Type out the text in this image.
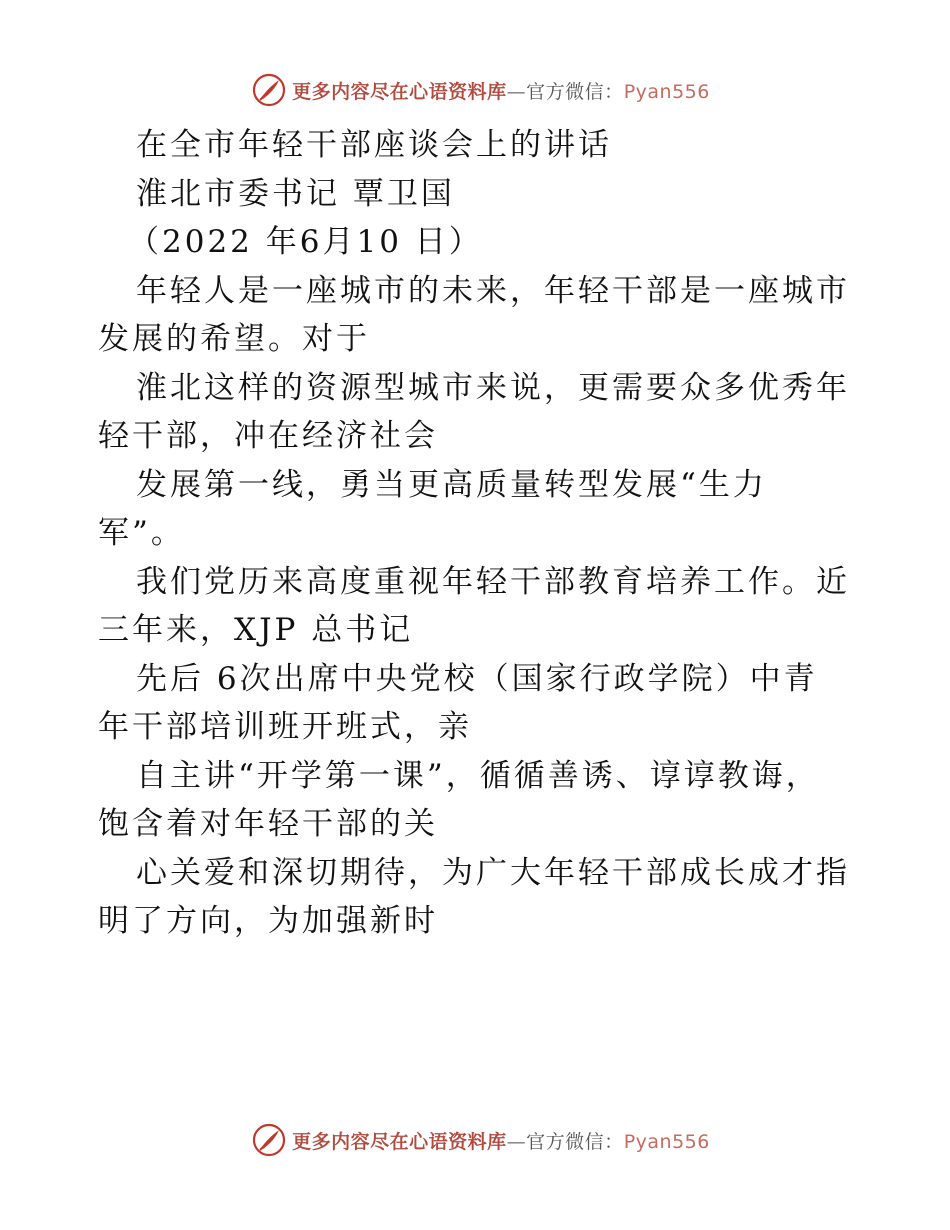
更多内容尽在心语资料库—官方微信：Pyan556
在全市年轻干部座谈会上的讲话
淮北市委书记 覃卫国
（2022 年6月10 日）
年轻人是一座城市的未来，年轻干部是一座城市
发展的希望。对于
淮北这样的资源型城市来说，更需要众多优秀年
轻干部，冲在经济社会
发展第一线，勇当更高质量转型发展“生力
军”。
我们党历来高度重视年轻干部教育培养工作。近
三年来，XJP 总书记
先后 6次出席中央党校（国家行政学院）中青
年干部培训班开班式，亲
自主讲“开学第一课”，循循善诱、谆谆教诲，
饱含着对年轻干部的关
心关爱和深切期待，为广大年轻干部成长成才指
明了方向，为加强新时
更多内容尽在心语资料库—官方微信：Pyan556
